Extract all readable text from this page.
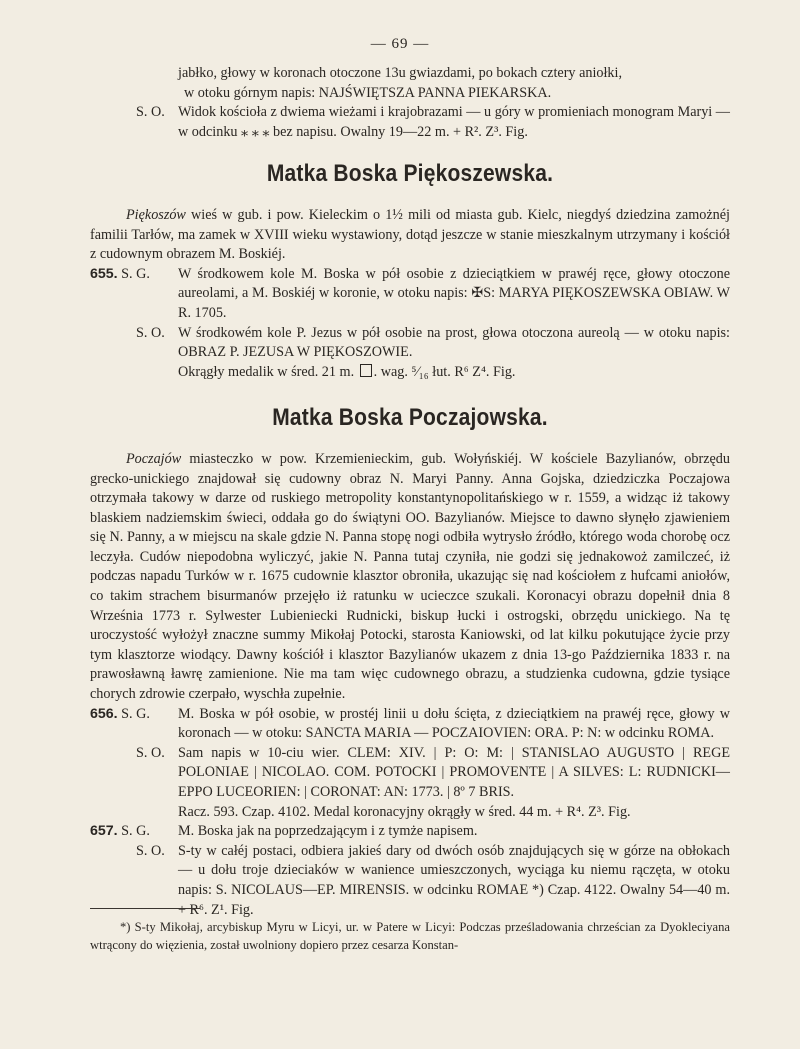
— 69 —
jabłko, głowy w koronach otoczone 13u gwiazdami, po bokach cztery aniołki,
w otoku górnym napis: NAJŚWIĘTSZA PANNA PIEKARSKA.
S. O. Widok kościoła z dwiema wieżami i krajobrazami — u góry w promieniach monogram Maryi — w odcinku ⁎ ⁎ ⁎ bez napisu. Owalny 19—22 m. + R². Z³. Fig.
Matka Boska Piękoszewska.

Piękoszów wieś w gub. i pow. Kieleckim o 1½ mili od miasta gub. Kielc, niegdyś dziedzina zamożnéj familii Tarłów, ma zamek w XVIII wieku wystawiony, dotąd jeszcze w stanie mieszkalnym utrzymany i kościół z cudownym obrazem M. Boskiéj.

655. S. G.	W środkowem kole M. Boska w pół osobie z dzieciątkiem w prawéj ręce, głowy otoczone aureolami, a M. Boskiéj w koronie, w otoku napis: ✠S: MARYA PIĘKOSZEWSKA OBIAW. W R. 1705.
S. O. W środkowém kole P. Jezus w pół osobie na prost, głowa otoczona aureolą — w otoku napis: OBRAZ P. JEZUSA W PIĘKOSZOWIE.
Okrągły medalik w śred. 21 m. . wag. ⁵⁄₁₆ łut. R⁶ Z⁴. Fig.
Matka Boska Poczajowska.

Poczajów miasteczko w pow. Krzemienieckim, gub. Wołyńskiéj. W kościele Bazylianów, obrzędu grecko-unickiego znajdował się cudowny obraz N. Maryi Panny. Anna Gojska, dziedziczka Poczajowa otrzymała takowy w darze od ruskiego metropolity konstantynopolitańskiego w r. 1559, a widząc iż takowy blaskiem nadziemskim świeci, oddała go do świątyni OO. Bazylianów. Miejsce to dawno słynęło zjawieniem się N. Panny, a w miejscu na skale gdzie N. Panna stopę nogi odbiła wytrysło źródło, którego woda chorobę ocz leczyła. Cudów niepodobna wyliczyć, jakie N. Panna tutaj czyniła, nie godzi się jednakowoż zamilczeć, iż podczas napadu Turków w r. 1675 cudownie klasztor obroniła, ukazując się nad kościołem z hufcami aniołów, co takim strachem bisurmanów przejęło iż ratunku w ucieczce szukali. Koronacyi obrazu dopełnił dnia 8 Września 1773 r. Sylwester Lubieniecki Rudnicki, biskup łucki i ostrogski, obrzędu unickiego. Na tę uroczystość wyłożył znaczne summy Mikołaj Potocki, starosta Kaniowski, od lat kilku pokutujące życie przy tym klasztorze wiodący. Dawny kościół i klasztor Bazylianów ukazem z dnia 13-go Października 1833 r. na prawosławną ławrę zamienione. Nie ma tam więc cudownego obrazu, a studzienka cudowna, gdzie tysiące chorych zdrowie czerpało, wyschła zupełnie.

656. S. G.	M. Boska w pół osobie, w prostéj linii u dołu ścięta, z dzieciątkiem na prawéj ręce, głowy w koronach — w otoku: SANCTA MARIA — POCZAIOVIEN: ORA. P: N: w odcinku ROMA.
S. O. Sam napis w 10-ciu wier. CLEM: XIV. | P: O: M: | STANISLAO AUGUSTO | REGE POLONIAE | NICOLAO. COM. POTOCKI | PROMOVENTE | A SILVES: L: RUDNICKI—EPPO LUCEORIEN: | CORONAT: AN: 1773. | 8º 7 BRIS.
Racz. 593. Czap. 4102. Medal koronacyjny okrągły w śred. 44 m. + R⁴. Z³. Fig.
657. S. G.	M. Boska jak na poprzedzającym i z tymże napisem.
S. O. S-ty w całéj postaci, odbiera jakieś dary od dwóch osób znajdujących się w górze na obłokach — u dołu troje dzieciaków w wanience umieszczonych, wyciąga ku niemu rączęta, w otoku napis: S. NICOLAUS—EP. MIRENSIS. w odcinku ROMAE *) Czap. 4122. Owalny 54—40 m. + R⁶. Z¹. Fig.
*) S-ty Mikołaj, arcybiskup Myru w Licyi, ur. w Patere w Licyi: Podczas prześladowania chrześcian za Dyokleciyana wtrącony do więzienia, został uwolniony dopiero przez cesarza Konstan-
